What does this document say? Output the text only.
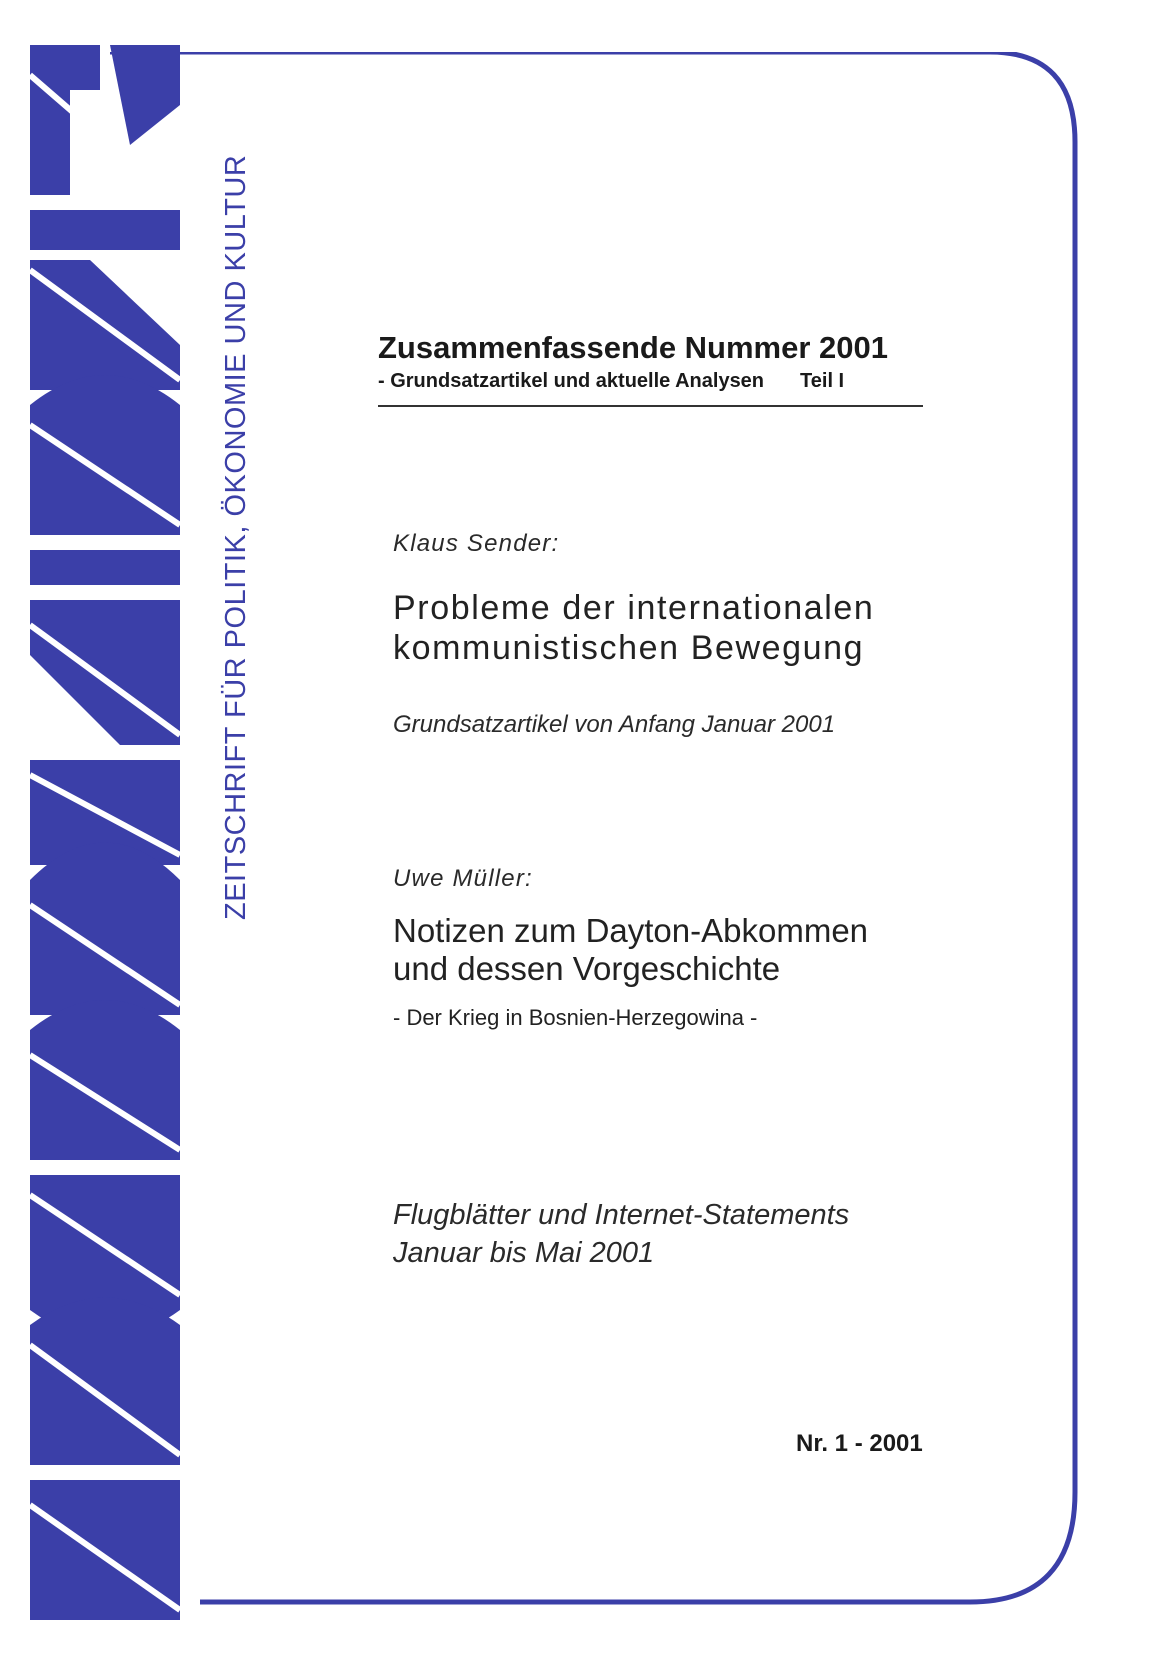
ZEITSCHRIFT FÜR POLITIK, ÖKONOMIE UND KULTUR	Zusammenfassende Nummer 2001
- Grundsatzartikel und aktuelle Analysen Teil I
Klaus Sender:
Probleme der internationalen
kommunistischen Bewegung
Grundsatzartikel von Anfang Januar 2001
Uwe Müller:
Notizen zum Dayton-Abkommen
und dessen Vorgeschichte
- Der Krieg in Bosnien-Herzegowina -
Flugblätter und Internet-Statements
Januar bis Mai 2001
Nr. 1 - 2001
